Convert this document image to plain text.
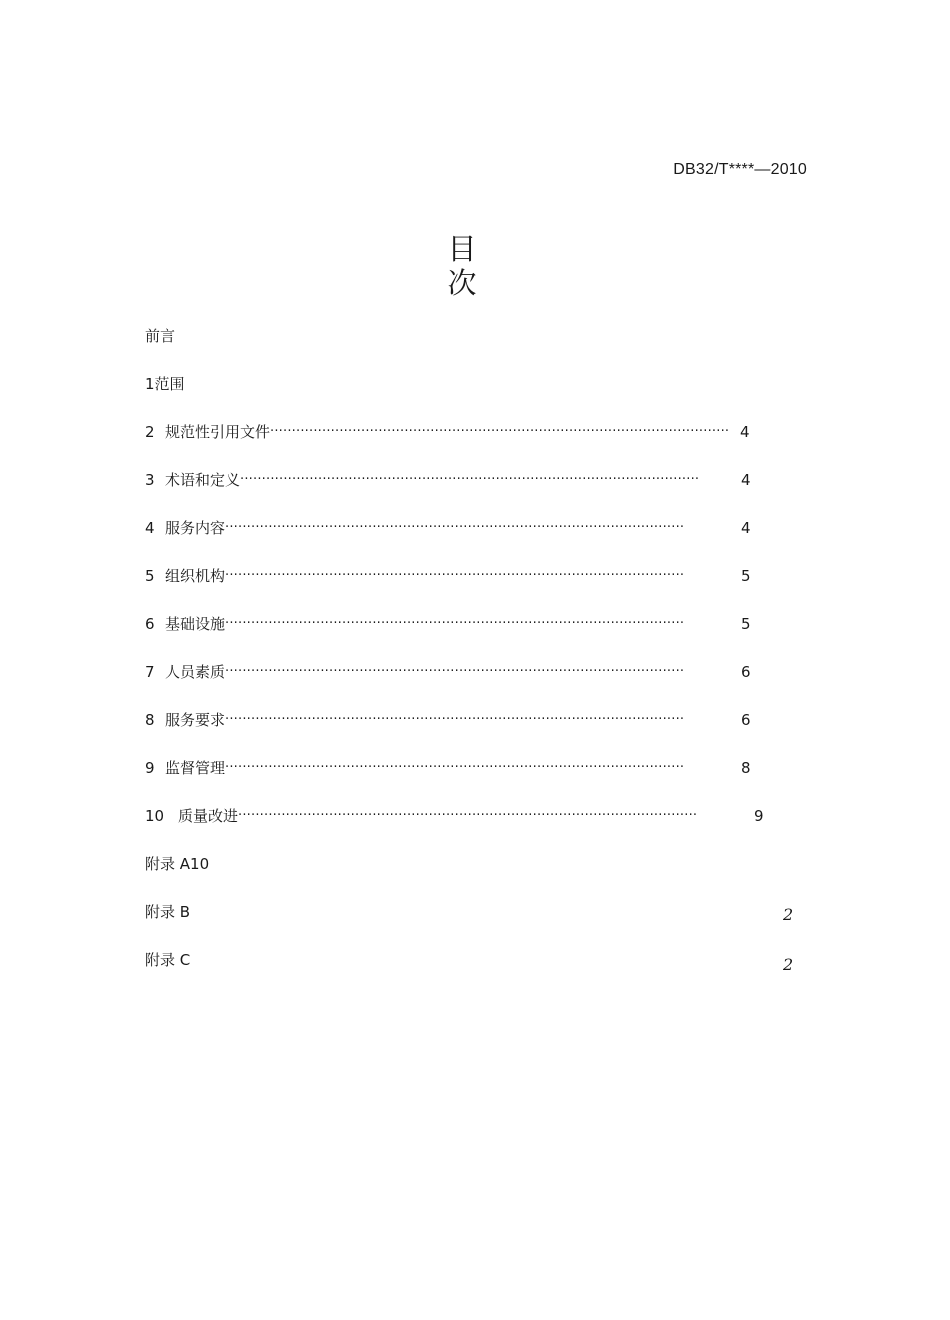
DB32/T****—2010
目
次
前言
1范围
2 规范性引用文件·········································································································· 4
3 术语和定义··········································································································	4
4 服务内容··········································································································	4
5 组织机构··········································································································	5
6 基础设施··········································································································	5
7 人员素质··········································································································	6
8 服务要求··········································································································	6
9 监督管理··········································································································	8
10 质量改进··········································································································	9
附录 A10
附录 B	2
附录 C	2
